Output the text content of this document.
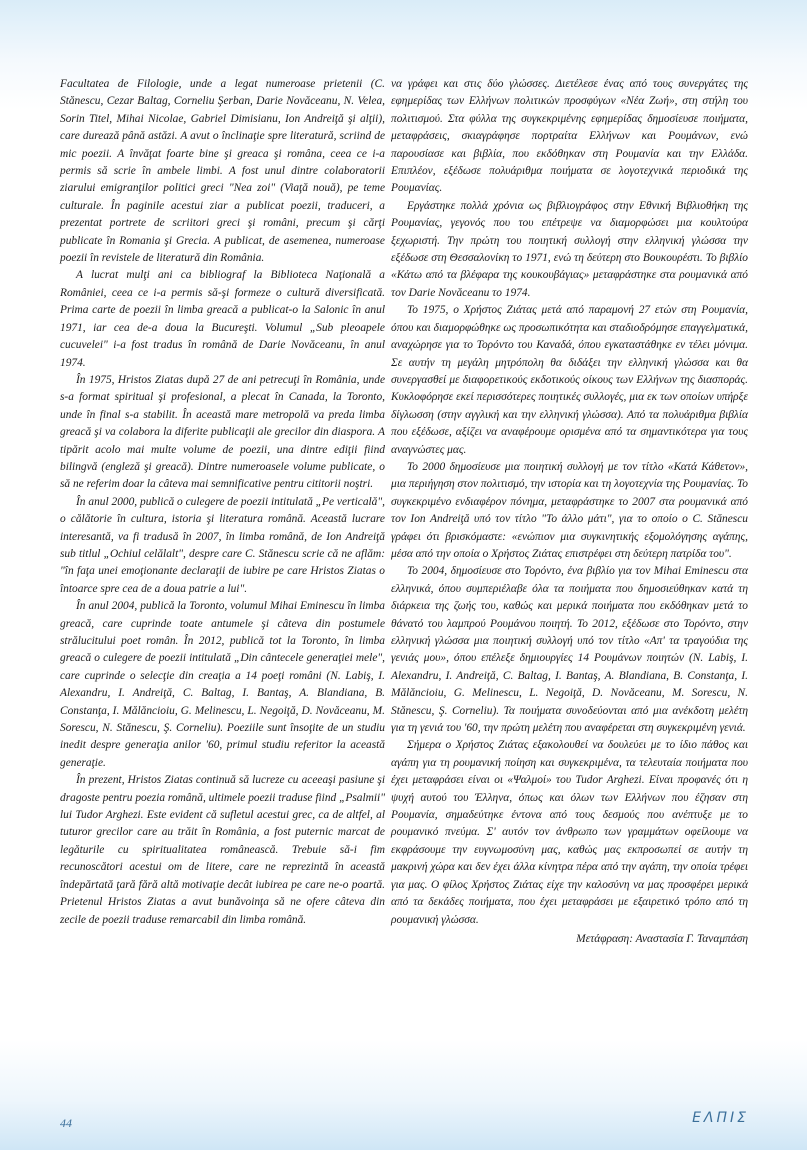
Facultatea de Filologie, unde a legat numeroase prietenii (C. Stănescu, Cezar Baltag, Corneliu Şerban, Darie Novăceanu, N. Velea, Sorin Titel, Mihai Nicolae, Gabriel Dimisianu, Ion Andreiţă şi alţii), care durează până astăzi. A avut o înclinaţie spre literatură, scriind de mic poezii. A învăţat foarte bine şi greaca şi româna, ceea ce i-a permis să scrie în ambele limbi. A fost unul dintre colaboratorii ziarului emigranţilor politici greci "Nea zoi" (Viaţă nouă), pe teme culturale. În paginile acestui ziar a publicat poezii, traduceri, a prezentat portrete de scriitori greci şi români, precum şi cărţi publicate în Romania şi Grecia. A publicat, de asemenea, numeroase poezii în revistele de literatură din România.

A lucrat mulţi ani ca bibliograf la Biblioteca Naţională a României, ceea ce i-a permis să-şi formeze o cultură diversificată. Prima carte de poezii în limba greacă a publicat-o la Salonic în anul 1971, iar cea de-a doua la Bucureşti. Volumul „Sub pleoapele cucuvelei" i-a fost tradus în română de Darie Novăceanu, în anul 1974.

În 1975, Hristos Ziatas după 27 de ani petrecuţi în România, unde s-a format spiritual şi profesional, a plecat în Canada, la Toronto, unde în final s-a stabilit. În această mare metropolă va preda limba greacă şi va colabora la diferite publicaţii ale grecilor din diaspora. A tipărit acolo mai multe volume de poezii, una dintre ediţii fiind bilingvă (engleză şi greacă). Dintre numeroasele volume publicate, o să ne referim doar la câteva mai semnificative pentru cititorii noştri.

În anul 2000, publică o culegere de poezii intitulată „Pe verticală", o călătorie în cultura, istoria şi literatura română. Această lucrare interesantă, va fi tradusă în 2007, în limba română, de Ion Andreiţă sub titlul „Ochiul celălalt", despre care C. Stănescu scrie că ne aflăm: "în faţa unei emoţionante declaraţii de iubire pe care Hristos Ziatas o întoarce spre cea de a doua patrie a lui".

În anul 2004, publică la Toronto, volumul Mihai Eminescu în limba greacă, care cuprinde toate antumele şi câteva din postumele strălucitului poet român. În 2012, publică tot la Toronto, în limba greacă o culegere de poezii intitulată „Din cântecele generaţiei mele", care cuprinde o selecţie din creaţia a 14 poeţi români (N. Labiş, I. Alexandru, I. Andreiţă, C. Baltag, I. Bantaş, A. Blandiana, B. Constanţa, I. Mălăncioiu, G. Melinescu, L. Negoiţă, D. Novăceanu, M. Sorescu, N. Stănescu, Ş. Corneliu). Poeziile sunt însoţite de un studiu inedit despre generaţia anilor '60, primul studiu referitor la această generaţie.

În prezent, Hristos Ziatas continuă să lucreze cu aceeaşi pasiune şi dragoste pentru poezia română, ultimele poezii traduse fiind „Psalmii" lui Tudor Arghezi. Este evident că sufletul acestui grec, ca de altfel, al tuturor grecilor care au trăit în România, a fost puternic marcat de legăturile cu spiritualitatea românească. Trebuie să-i fim recunoscători acestui om de litere, care ne reprezintă în această îndepărtată ţară fără altă motivaţie decât iubirea pe care ne-o poartă. Prietenul Hristos Ziatas a avut bunăvoinţa să ne ofere câteva din zecile de poezii traduse remarcabil din limba română.

να γράφει και στις δύο γλώσσες. Διετέλεσε ένας από τους συνεργάτες της εφημερίδας των Ελλήνων πολιτικών προσφύγων «Νέα Ζωή», στη στήλη του πολιτισμού. Στα φύλλα της συγκεκριμένης εφημερίδας δημοσίευσε ποιήματα, μεταφράσεις, σκιαγράφησε πορτραίτα Ελλήνων και Ρουμάνων, ενώ παρουσίασε και βιβλία, που εκδόθηκαν στη Ρουμανία και την Ελλάδα. Επιπλέον, εξέδωσε πολυάριθμα ποιήματα σε λογοτεχνικά περιοδικά της Ρουμανίας.

Εργάστηκε πολλά χρόνια ως βιβλιογράφος στην Εθνική Βιβλιοθήκη της Ρουμανίας, γεγονός που του επέτρεψε να διαμορφώσει μια κουλτούρα ξεχωριστή. Την πρώτη του ποιητική συλλογή στην ελληνική γλώσσα την εξέδωσε στη Θεσσαλονίκη το 1971, ενώ τη δεύτερη στο Βουκουρέστι. Το βιβλίο «Κάτω από τα βλέφαρα της κουκουβάγιας» μεταφράστηκε στα ρουμανικά από τον Darie Novăceanu το 1974.

Το 1975, ο Χρήστος Ζιάτας μετά από παραμονή 27 ετών στη Ρουμανία, όπου και διαμορφώθηκε ως προσωπικότητα και σταδιοδρόμησε επαγγελματικά, αναχώρησε για το Τορόντο του Καναδά, όπου εγκαταστάθηκε εν τέλει μόνιμα. Σε αυτήν τη μεγάλη μητρόπολη θα διδάξει την ελληνική γλώσσα και θα συνεργασθεί με διαφορετικούς εκδοτικούς οίκους των Ελλήνων της διασποράς. Κυκλοφόρησε εκεί περισσότερες ποιητικές συλλογές, μια εκ των οποίων υπήρξε δίγλωσση (στην αγγλική και την ελληνική γλώσσα). Από τα πολυάριθμα βιβλία που εξέδωσε, αξίζει να αναφέρουμε ορισμένα από τα σημαντικότερα για τους αναγνώστες μας.

Το 2000 δημοσίευσε μια ποιητική συλλογή με τον τίτλο «Κατά Κάθετον», μια περιήγηση στον πολιτισμό, την ιστορία και τη λογοτεχνία της Ρουμανίας. Το συγκεκριμένο ενδιαφέρον πόνημα, μεταφράστηκε το 2007 στα ρουμανικά από τον Ion Andreiţă υπό τον τίτλο "Το άλλο μάτι", για το οποίο ο C. Stănescu γράφει ότι βρισκόμαστε: «ενώπιον μια συγκινητικής εξομολόγησης αγάπης, μέσα από την οποία ο Χρήστος Ζιάτας επιστρέφει στη δεύτερη πατρίδα του".

Το 2004, δημοσίευσε στο Τορόντο, ένα βιβλίο για τον Mihai Eminescu στα ελληνικά, όπου συμπεριέλαβε όλα τα ποιήματα που δημοσιεύθηκαν κατά τη διάρκεια της ζωής του, καθώς και μερικά ποιήματα που εκδόθηκαν μετά το θάνατό του λαμπρού Ρουμάνου ποιητή. Το 2012, εξέδωσε στο Τορόντο, στην ελληνική γλώσσα μια ποιητική συλλογή υπό τον τίτλο «Απ' τα τραγούδια της γενιάς μου», όπου επέλεξε δημιουργίες 14 Ρουμάνων ποιητών (N. Labiş, I. Alexandru, I. Andreiţă, C. Baltag, I. Bantaş, A. Blandiana, B. Constanţa, I. Mălăncioiu, G. Melinescu, L. Negoiţă, D. Novăceanu, M. Sorescu, N. Stănescu, Ş. Corneliu). Τα ποιήματα συνοδεύονται από μια ανέκδοτη μελέτη για τη γενιά του '60, την πρώτη μελέτη που αναφέρεται στη συγκεκριμένη γενιά.

Σήμερα ο Χρήστος Ζιάτας εξακολουθεί να δουλεύει με το ίδιο πάθος και αγάπη για τη ρουμανική ποίηση και συγκεκριμένα, τα τελευταία ποιήματα που έχει μεταφράσει είναι οι «Ψαλμοί» του Tudor Arghezi. Είναι προφανές ότι η ψυχή αυτού του Έλληνα, όπως και όλων των Ελλήνων που έζησαν στη Ρουμανία, σημαδεύτηκε έντονα από τους δεσμούς που ανέπτυξε με το ρουμανικό πνεύμα. Σ' αυτόν τον άνθρωπο των γραμμάτων οφείλουμε να εκφράσουμε την ευγνωμοσύνη μας, καθώς μας εκπροσωπεί σε αυτήν τη μακρινή χώρα και δεν έχει άλλα κίνητρα πέρα από την αγάπη, την οποία τρέφει για μας. Ο φίλος Χρήστος Ζιάτας είχε την καλοσύνη να μας προσφέρει μερικά από τα δεκάδες ποιήματα, που έχει μεταφράσει με εξαιρετικό τρόπο από τη ρουμανική γλώσσα.

Μετάφραση: Αναστασία Γ. Ταναμπάση

44	ΕΛΠΙΣ
